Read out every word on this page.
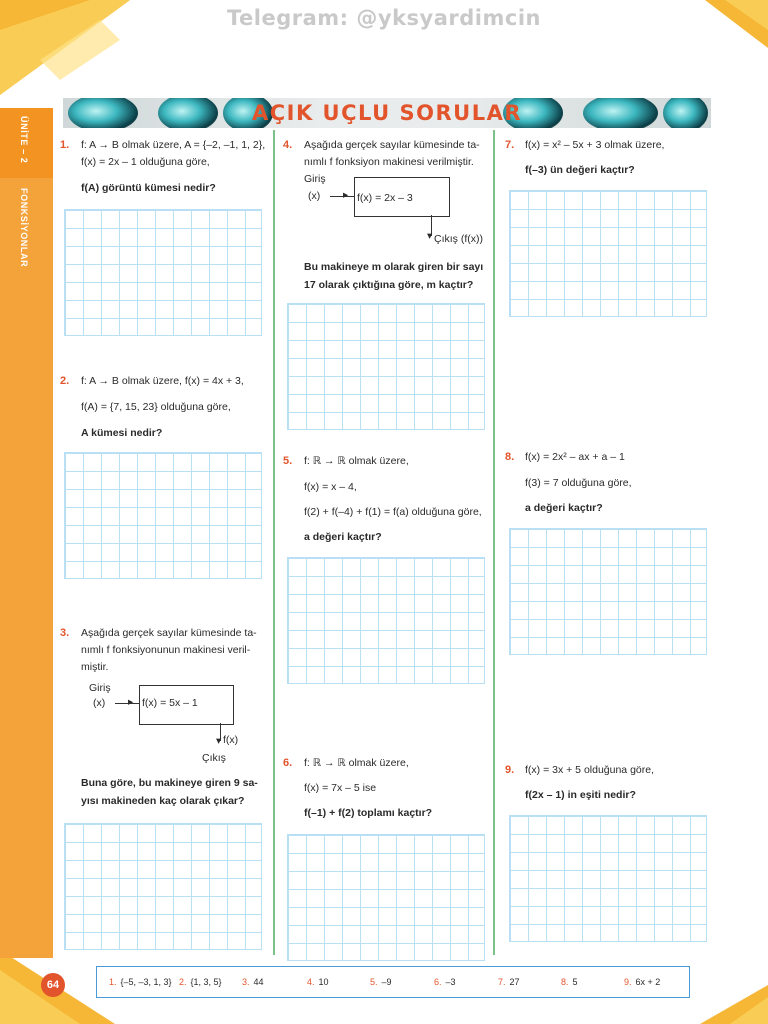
Telegram: @yksyardimcin
ÜNİTE – 2
FONKSİYONLAR
AÇIK UÇLU SORULAR
1. f: A → B olmak üzere, A = {–2, –1, 1, 2},
f(x) = 2x – 1 olduğuna göre,
f(A) görüntü kümesi nedir?
2. f: A → B olmak üzere, f(x) = 4x + 3,
f(A) = {7, 15, 23} olduğuna göre,
A kümesi nedir?
3. Aşağıda gerçek sayılar kümesinde ta-
nımlı f fonksiyonunun makinesi veril-
miştir.
Giriş
(x) ▸ f(x) = 5x – 1
▾ f(x)
Çıkış
Buna göre, bu makineye giren 9 sa-
yısı makineden kaç olarak çıkar?
4. Aşağıda gerçek sayılar kümesinde ta-
nımlı f fonksiyon makinesi verilmiştir.
Giriş
(x) ▸ f(x) = 2x – 3
▾ Çıkış (f(x))
Bu makineye m olarak giren bir sayı
17 olarak çıktığına göre, m kaçtır?
5. f: ℝ → ℝ olmak üzere,
f(x) = x – 4,
f(2) + f(–4) + f(1) = f(a) olduğuna göre,
a değeri kaçtır?
6. f: ℝ → ℝ olmak üzere,
f(x) = 7x – 5 ise
f(–1) + f(2) toplamı kaçtır?
7. f(x) = x² – 5x + 3 olmak üzere,
f(–3) ün değeri kaçtır?
8. f(x) = 2x² – ax + a – 1
f(3) = 7 olduğuna göre,
a değeri kaçtır?
9. f(x) = 3x + 5 olduğuna göre,
f(2x – 1) in eşiti nedir?
1. {–5, –3, 1, 3} 2. {1, 3, 5} 3. 44	4. 10	5. –9	6. –3	7. 27	8. 5	9. 6x + 2
64
